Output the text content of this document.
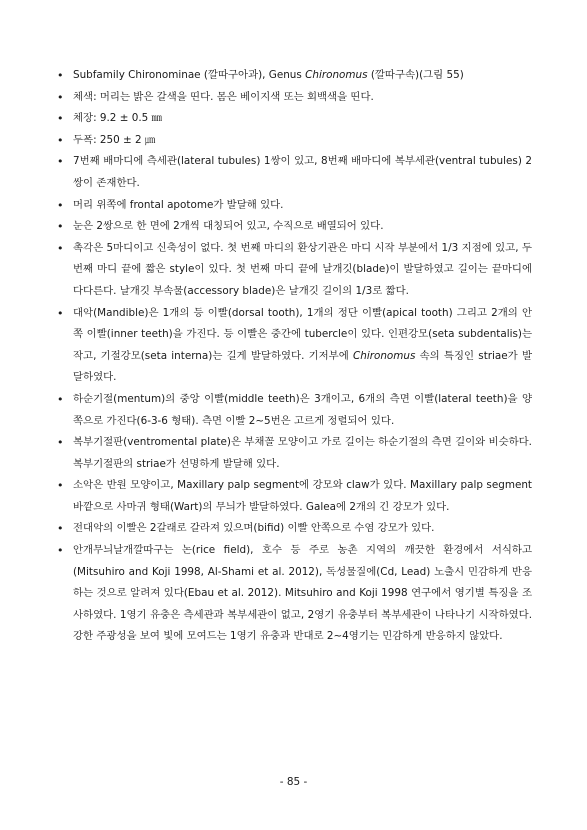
• Subfamily Chironominae (깔따구아과), Genus Chironomus (깔따구속)(그림 55)
• 체색: 머리는 밝은 갈색을 띤다. 몸은 베이지색 또는 회백색을 띤다.
• 체장: 9.2 ± 0.5 ㎜
• 두폭: 250 ± 2 ㎛
• 7번째 배마디에 측세관(lateral tubules) 1쌍이 있고, 8번째 배마디에 복부세관(ventral tubules) 2쌍이 존재한다.
• 머리 위쪽에 frontal apotome가 발달해 있다.
• 눈은 2쌍으로 한 면에 2개씩 대칭되어 있고, 수직으로 배열되어 있다.
• 촉각은 5마디이고 신축성이 없다. 첫 번째 마디의 환상기관은 마디 시작 부분에서 1/3 지점에 있고, 두 번째 마디 끝에 짧은 style이 있다. 첫 번째 마디 끝에 날개깃(blade)이 발달하였고 길이는 끝마디에 다다른다. 날개깃 부속물(accessory blade)은 날개깃 길이의 1/3로 짧다.
• 대악(Mandible)은 1개의 등 이빨(dorsal tooth), 1개의 정단 이빨(apical tooth) 그리고 2개의 안쪽 이빨(inner teeth)을 가진다. 등 이빨은 중간에 tubercle이 있다. 인편강모(seta subdentalis)는 작고, 기절강모(seta interna)는 길게 발달하였다. 기저부에 Chironomus 속의 특징인 striae가 발달하였다.
• 하순기절(mentum)의 중앙 이빨(middle teeth)은 3개이고, 6개의 측면 이빨(lateral teeth)을 양쪽으로 가진다(6-3-6 형태). 측면 이빨 2~5번은 고르게 정렬되어 있다.
• 복부기절판(ventromental plate)은 부채꼴 모양이고 가로 길이는 하순기절의 측면 길이와 비슷하다. 복부기절판의 striae가 선명하게 발달해 있다.
• 소악은 반원 모양이고, Maxillary palp segment에 강모와 claw가 있다. Maxillary palp segment 바깥으로 사마귀 형태(Wart)의 무늬가 발달하였다. Galea에 2개의 긴 강모가 있다.
• 전대악의 이빨은 2갈래로 갈라져 있으며(bifid) 이빨 안쪽으로 수염 강모가 있다.
• 안개무늬날개깔따구는 논(rice field), 호수 등 주로 농촌 지역의 깨끗한 환경에서 서식하고 (Mitsuhiro and Koji 1998, Al-Shami et al. 2012), 독성물질에(Cd, Lead) 노출시 민감하게 반응하는 것으로 알려져 있다(Ebau et al. 2012). Mitsuhiro and Koji 1998 연구에서 영기별 특징을 조사하였다. 1영기 유충은 측세관과 복부세관이 없고, 2영기 유충부터 복부세관이 나타나기 시작하였다. 강한 주광성을 보여 빛에 모여드는 1영기 유충과 반대로 2~4영기는 민감하게 반응하지 않았다.
- 85 -
